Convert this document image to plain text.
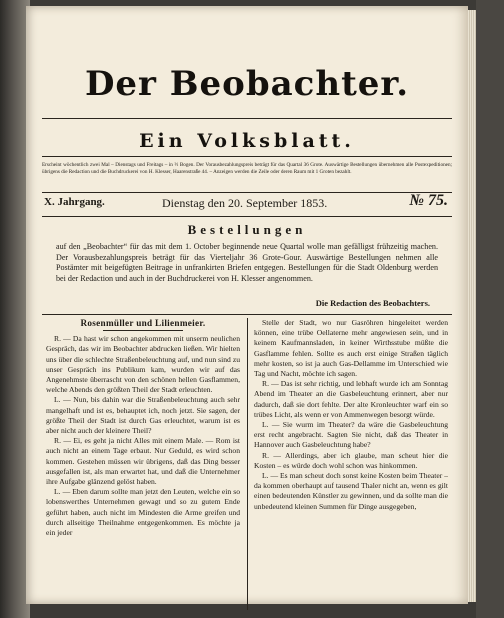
Der Beobachter.
Ein Volksblatt.
Erscheint wöchentlich zwei Mal – Dienstags und Freitags – in ½ Bogen. Der Vorausbezahlungspreis beträgt für das Quartal 36 Grote. Auswärtige Bestellungen übernehmen alle Postexpeditionen; übrigens die Redaction und die Buchdruckerei von H. Klesser, Haarenstraße 44. – Anzeigen werden die Zeile oder deren Raum mit 1 Groten bezahlt.
X. Jahrgang.	Dienstag den 20. September 1853.	№ 75.
Bestellungen
auf den „Beobachter“ für das mit dem 1. October beginnende neue Quartal wolle man gefälligst frühzeitig machen. Der Vorausbezahlungspreis beträgt für das Vierteljahr 36 Grote-Gour. Auswärtige Bestellungen nehmen alle Postämter mit beigefügten Beitrage in unfrankirten Briefen entgegen. Bestellungen für die Stadt Oldenburg werden bei der Redaction und auch in der Buchdruckerei von H. Klesser angenommen.
Die Redaction des Beobachters.

Rosenmüller und Lilienmeier.

R. — Da hast wir schon angekommen mit unserm neulichen Gespräch, das wir im Beobachter abdrucken ließen. Wir hielten uns über die schlechte Straßenbeleuchtung auf, und nun sind zu unser Gespräch ins Publikum kam, wurden wir auf das Angenehmste überrascht von den schönen hellen Gasflammen, welche Abends den größten Theil der Stadt erleuchten.

L. — Nun, bis dahin war die Straßenbeleuchtung auch sehr mangelhaft und ist es, behauptet ich, noch jetzt. Sie sagen, der größte Theil der Stadt ist durch Gas erleuchtet, warum ist es aber nicht auch der kleinere Theil?

R. — Ei, es geht ja nicht Alles mit einem Male. — Rom ist auch nicht an einem Tage erbaut. Nur Geduld, es wird schon kommen. Gestehen müssen wir übrigens, daß das Ding besser ausgefallen ist, als man erwartet hat, und daß die Unternehmer ihre Aufgabe glänzend gelöst haben.

L. — Eben darum sollte man jetzt den Leuten, welche ein so lobenswerthes Unternehmen gewagt und so zu gutem Ende geführt haben, auch nicht im Mindesten die Arme greifen und durch allseitige Theilnahme entgegenkommen. Es möchte ja ein jeder

Stelle der Stadt, wo nur Gasröhren hingeleitet werden können, eine trübe Oellaterne mehr angewiesen sein, und in keinem Kaufmannsladen, in keiner Wirthsstube müßte die Gasflamme fehlen. Sollte es auch erst einige Straßen täglich mehr kosten, so ist ja auch Gas-Dellamme im Unterschied wie Tag und Nacht, möchte ich sagen.

R. — Das ist sehr richtig, und lebhaft wurde ich am Sonntag Abend im Theater an die Gasbeleuchtung erinnert, aber nur dadurch, daß sie dort fehlte. Der alte Kronleuchter warf ein so trübes Licht, als wenn er von Ammenwegen besorgt würde.

L. — Sie wurm im Theater? da wäre die Gasbeleuchtung erst recht angebracht. Sagten Sie nicht, daß das Theater in Hannover auch Gasbeleuchtung habe?

R. — Allerdings, aber ich glaube, man scheut hier die Kosten – es würde doch wohl schon was hinkommen.

L. — Es man scheut doch sonst keine Kosten beim Theater – da kommen oberhaupt auf tausend Thaler nicht an, wenn es gilt einen bedeutenden Künstler zu gewinnen, und da sollte man die unbedeutend kleinen Summen für Dinge ausgegeben,
